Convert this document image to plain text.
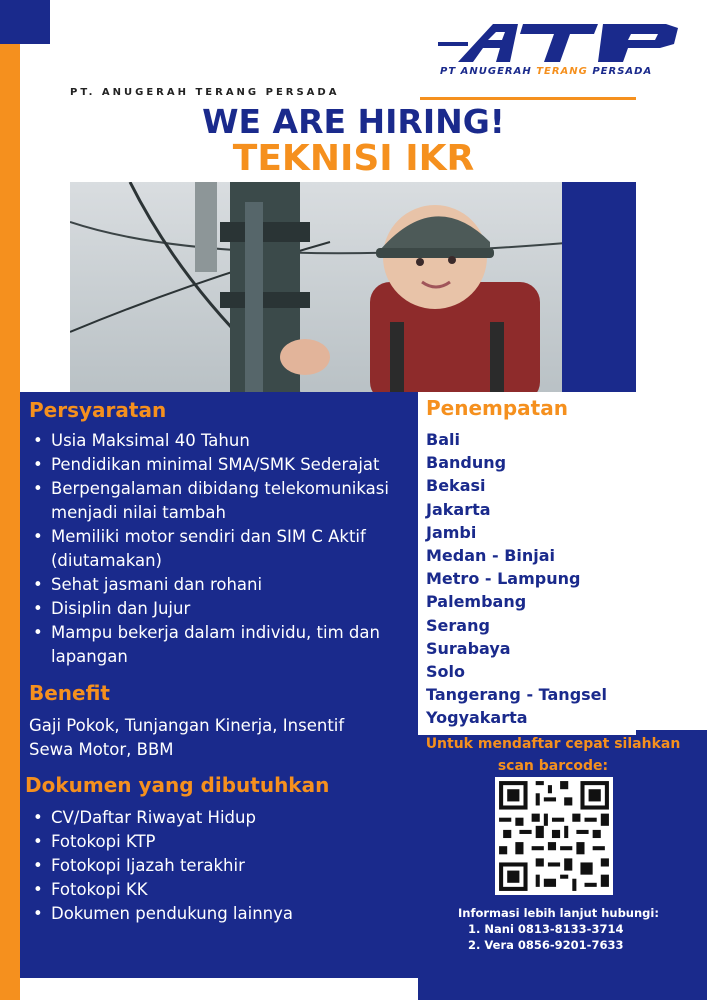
PT ANUGERAH TERANG PERSADA
PT. ANUGERAH TERANG PERSADA
WE ARE HIRING!
TEKNISI IKR
Persyaratan
• Usia Maksimal 40 Tahun
• Pendidikan minimal SMA/SMK Sederajat
• Berpengalaman dibidang telekomunikasi menjadi nilai tambah
• Memiliki motor sendiri dan SIM C Aktif (diutamakan)
• Sehat jasmani dan rohani
• Disiplin dan Jujur
• Mampu bekerja dalam individu, tim dan lapangan
Benefit
Gaji Pokok, Tunjangan Kinerja, Insentif
Sewa Motor, BBM
Dokumen yang dibutuhkan
• CV/Daftar Riwayat Hidup
• Fotokopi KTP
• Fotokopi Ijazah terakhir
• Fotokopi KK
• Dokumen pendukung lainnya
Penempatan
Bali
Bandung
Bekasi
Jakarta
Jambi
Medan - Binjai
Metro - Lampung
Palembang
Serang
Surabaya
Solo
Tangerang - Tangsel
Yogyakarta
Untuk mendaftar cepat silahkan
scan barcode:
Informasi lebih lanjut hubungi:
1. Nani 0813-8133-3714
2. Vera 0856-9201-7633
